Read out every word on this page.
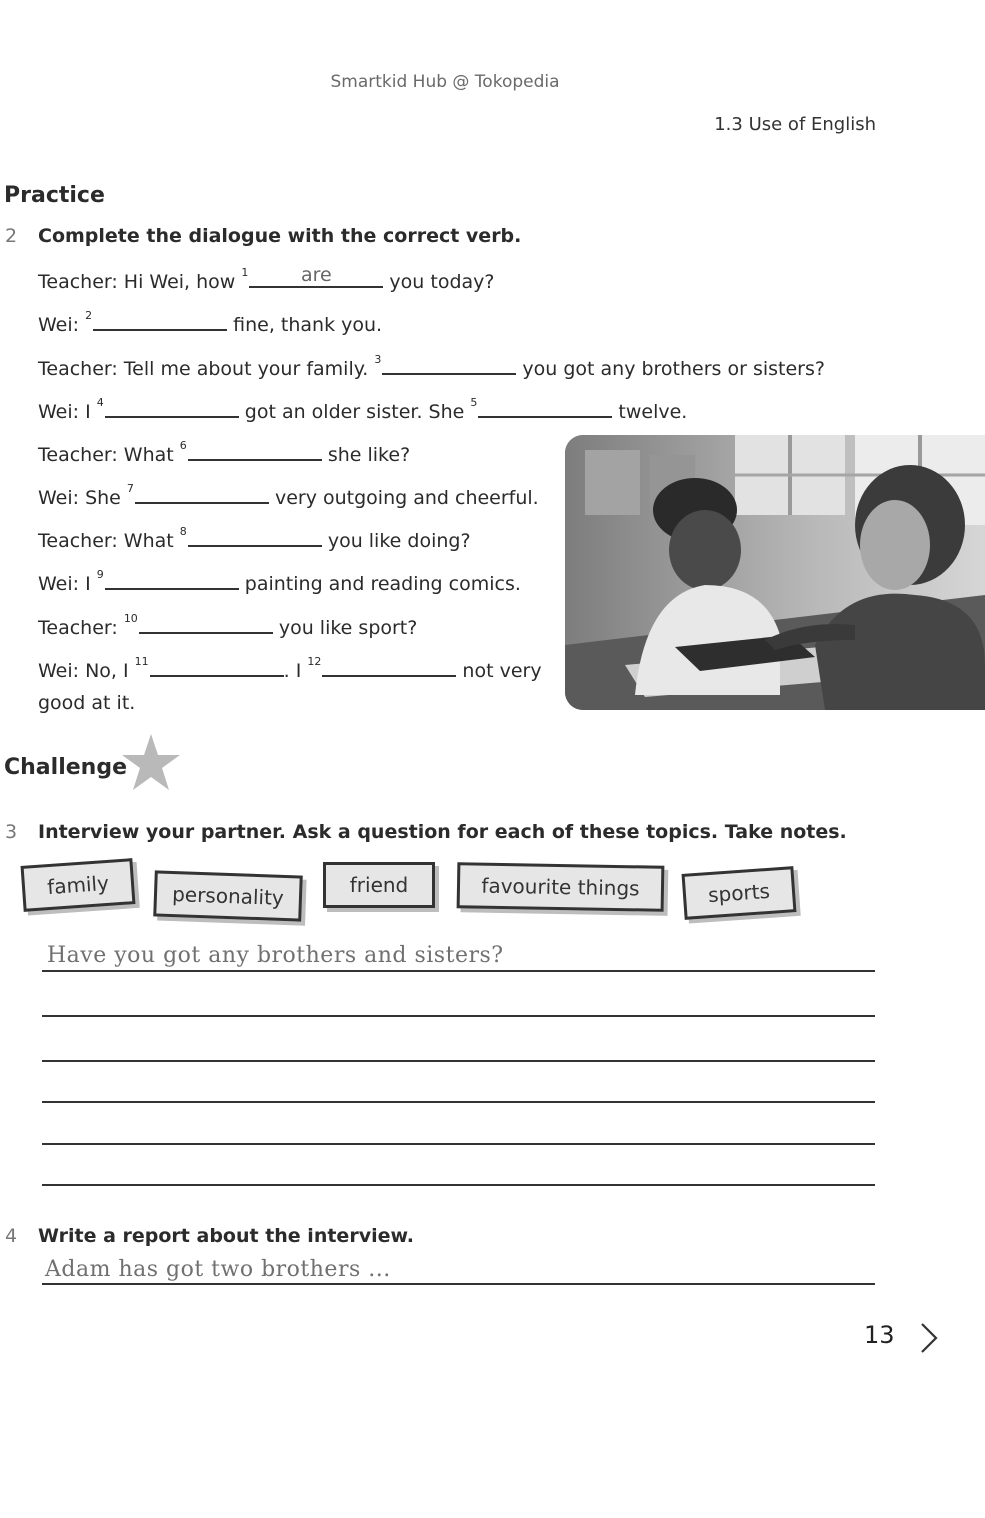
Smartkid Hub @ Tokopedia
1.3 Use of English
Practice
2 Complete the dialogue with the correct verb.
Teacher: Hi Wei, how $^1$	are	you today?
Wei: $^2$	fine, thank you.
Teacher: Tell me about your family. $^3$	you got any brothers or sisters?
Wei: I $^4$	got an older sister. She $^5$	twelve.
Teacher: What $^6$	she like?
Wei: She $^7$	very outgoing and cheerful.
Teacher: What $^8$	you like doing?
Wei: I $^9$	painting and reading comics.
Teacher: $^{10}$	you like sport?
Wei: No, I $^{11}$	. I $^{12}$	not very
good at it.
Challenge
3 Interview your partner. Ask a question for each of these topics. Take notes.
family	personality	friend	favourite things	sports
Have you got any brothers and sisters?
4 Write a report about the interview.
Adam has got two brothers ...
13
